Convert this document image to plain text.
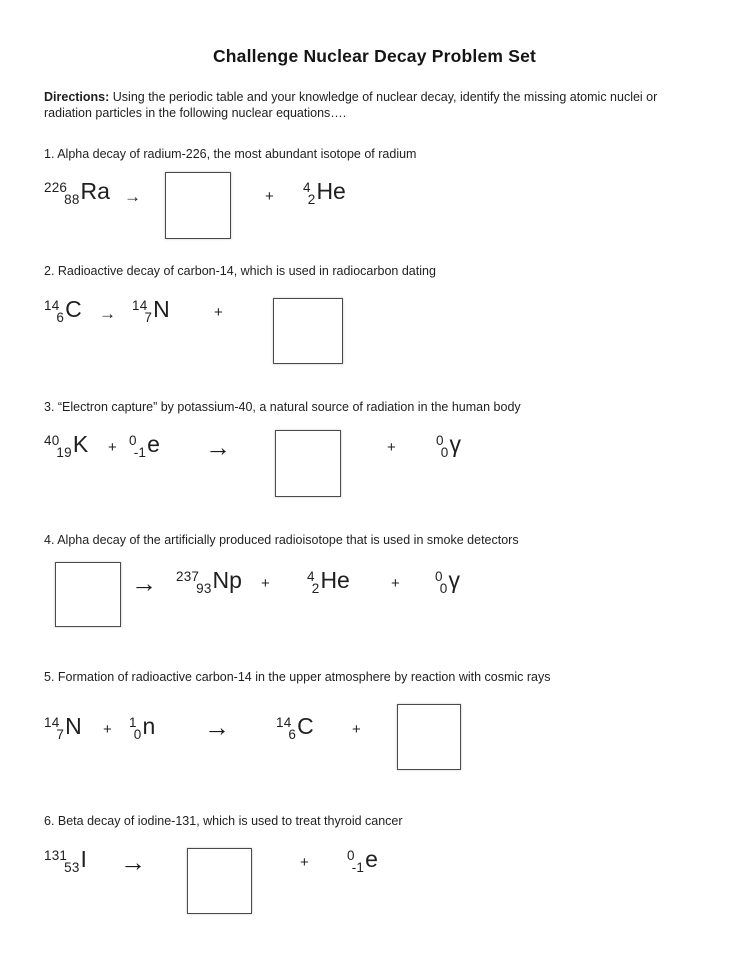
Challenge Nuclear Decay Problem Set

Directions: Using the periodic table and your knowledge of nuclear decay, identify the missing atomic nuclei or radiation particles in the following nuclear equations….

1. Alpha decay of radium-226, the most abundant isotope of radium
$^{226}_{88}$Ra →	+
$^4_2$He
2. Radioactive decay of carbon-14, which is used in radiocarbon dating
$^{14}_6$C → $^{14}_7$N	+
3. “Electron capture” by potassium-40, a natural source of radiation in the human body
$^{40}_{19}$K + $^0_{-1}$e →	+	$^0_0$γ
4. Alpha decay of the artificially produced radioisotope that is used in smoke detectors
→ $^{237}_{93}$Np +	$^4_2$He	+	$^0_0$γ
5. Formation of radioactive carbon-14 in the upper atmosphere by reaction with cosmic rays
$^{14}_7$N + $^1_0$n →	$^{14}_6$C	+
6. Beta decay of iodine-131, which is used to treat thyroid cancer
$^{131}_{53}$I →	+	$^0_{-1}$e
